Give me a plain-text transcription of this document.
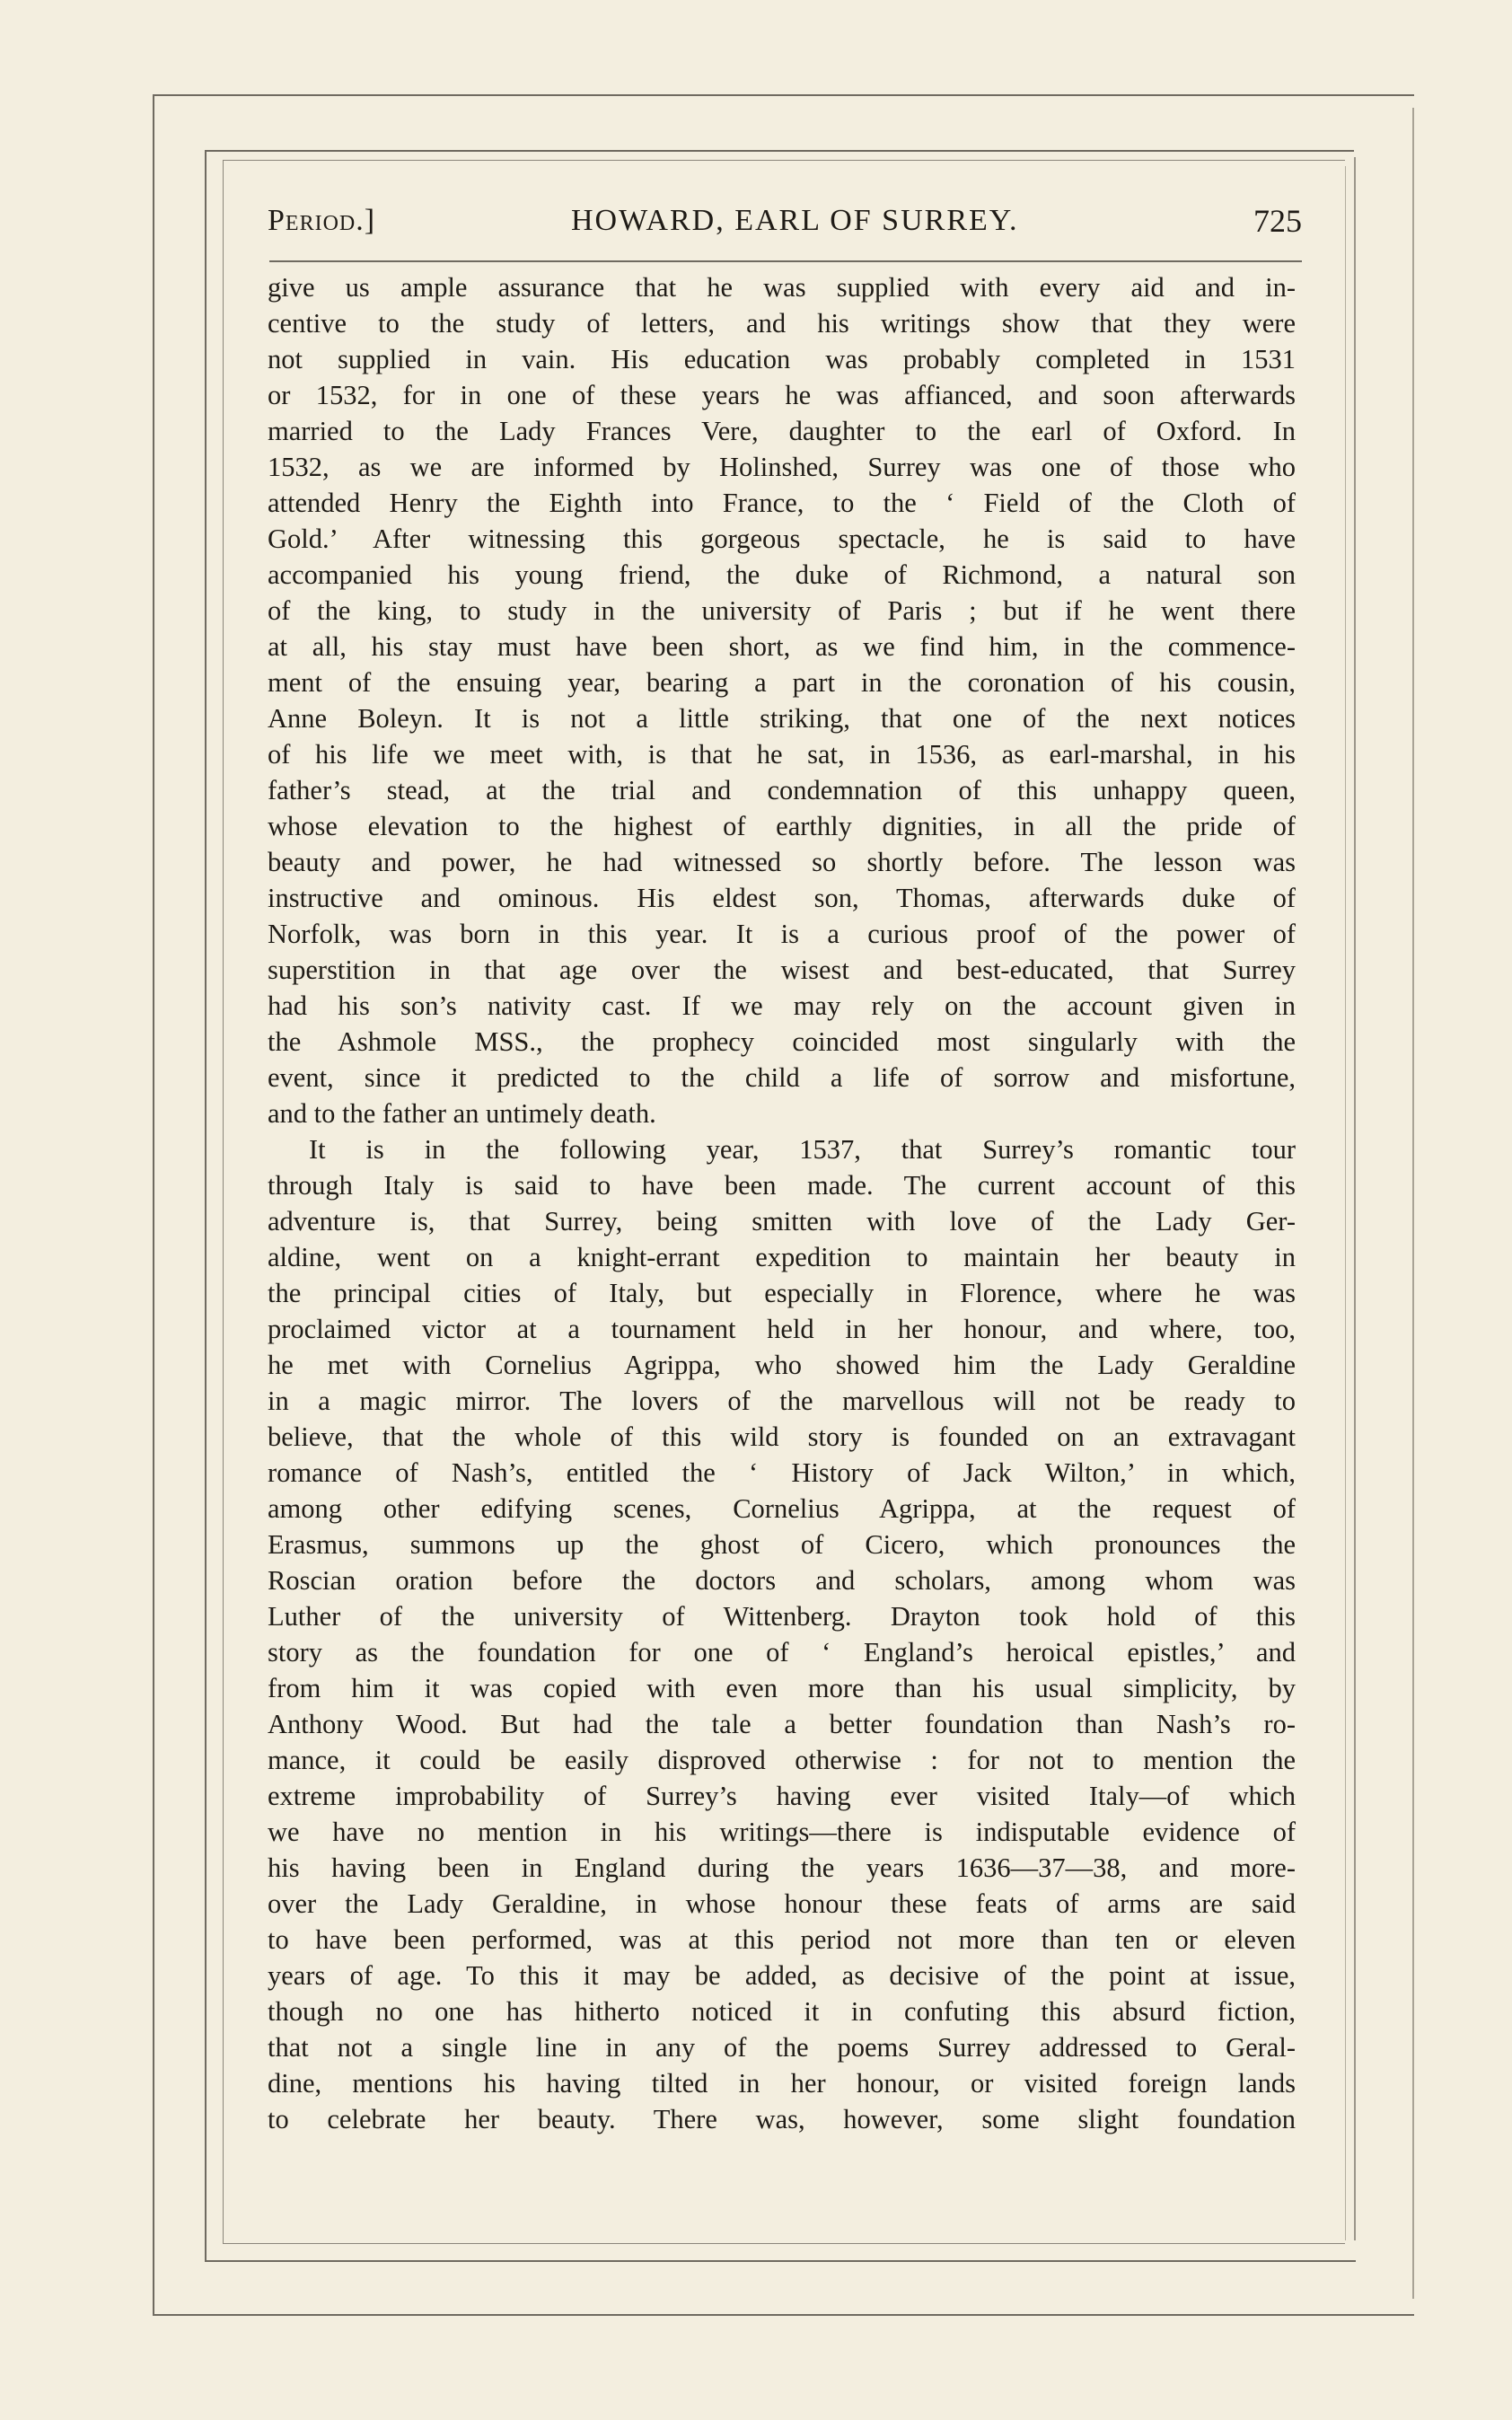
Period.]	HOWARD, EARL OF SURREY.	725
give us ample assurance that he was supplied with every aid and in-
centive to the study of letters, and his writings show that they were
not supplied in vain. His education was probably completed in 1531
or 1532, for in one of these years he was affianced, and soon afterwards
married to the Lady Frances Vere, daughter to the earl of Oxford. In
1532, as we are informed by Holinshed, Surrey was one of those who
attended Henry the Eighth into France, to the ‘ Field of the Cloth of
Gold.’ After witnessing this gorgeous spectacle, he is said to have
accompanied his young friend, the duke of Richmond, a natural son
of the king, to study in the university of Paris ; but if he went there
at all, his stay must have been short, as we find him, in the commence-
ment of the ensuing year, bearing a part in the coronation of his cousin,
Anne Boleyn. It is not a little striking, that one of the next notices
of his life we meet with, is that he sat, in 1536, as earl-marshal, in his
father’s stead, at the trial and condemnation of this unhappy queen,
whose elevation to the highest of earthly dignities, in all the pride of
beauty and power, he had witnessed so shortly before. The lesson was
instructive and ominous. His eldest son, Thomas, afterwards duke of
Norfolk, was born in this year. It is a curious proof of the power of
superstition in that age over the wisest and best-educated, that Surrey
had his son’s nativity cast. If we may rely on the account given in
the Ashmole MSS., the prophecy coincided most singularly with the
event, since it predicted to the child a life of sorrow and misfortune,
and to the father an untimely death.
It is in the following year, 1537, that Surrey’s romantic tour
through Italy is said to have been made. The current account of this
adventure is, that Surrey, being smitten with love of the Lady Ger-
aldine, went on a knight-errant expedition to maintain her beauty in
the principal cities of Italy, but especially in Florence, where he was
proclaimed victor at a tournament held in her honour, and where, too,
he met with Cornelius Agrippa, who showed him the Lady Geraldine
in a magic mirror. The lovers of the marvellous will not be ready to
believe, that the whole of this wild story is founded on an extravagant
romance of Nash’s, entitled the ‘ History of Jack Wilton,’ in which,
among other edifying scenes, Cornelius Agrippa, at the request of
Erasmus, summons up the ghost of Cicero, which pronounces the
Roscian oration before the doctors and scholars, among whom was
Luther of the university of Wittenberg. Drayton took hold of this
story as the foundation for one of ‘ England’s heroical epistles,’ and
from him it was copied with even more than his usual simplicity, by
Anthony Wood. But had the tale a better foundation than Nash’s ro-
mance, it could be easily disproved otherwise : for not to mention the
extreme improbability of Surrey’s having ever visited Italy—of which
we have no mention in his writings—there is indisputable evidence of
his having been in England during the years 1636—37—38, and more-
over the Lady Geraldine, in whose honour these feats of arms are said
to have been performed, was at this period not more than ten or eleven
years of age. To this it may be added, as decisive of the point at issue,
though no one has hitherto noticed it in confuting this absurd fiction,
that not a single line in any of the poems Surrey addressed to Geral-
dine, mentions his having tilted in her honour, or visited foreign lands
to celebrate her beauty. There was, however, some slight foundation
